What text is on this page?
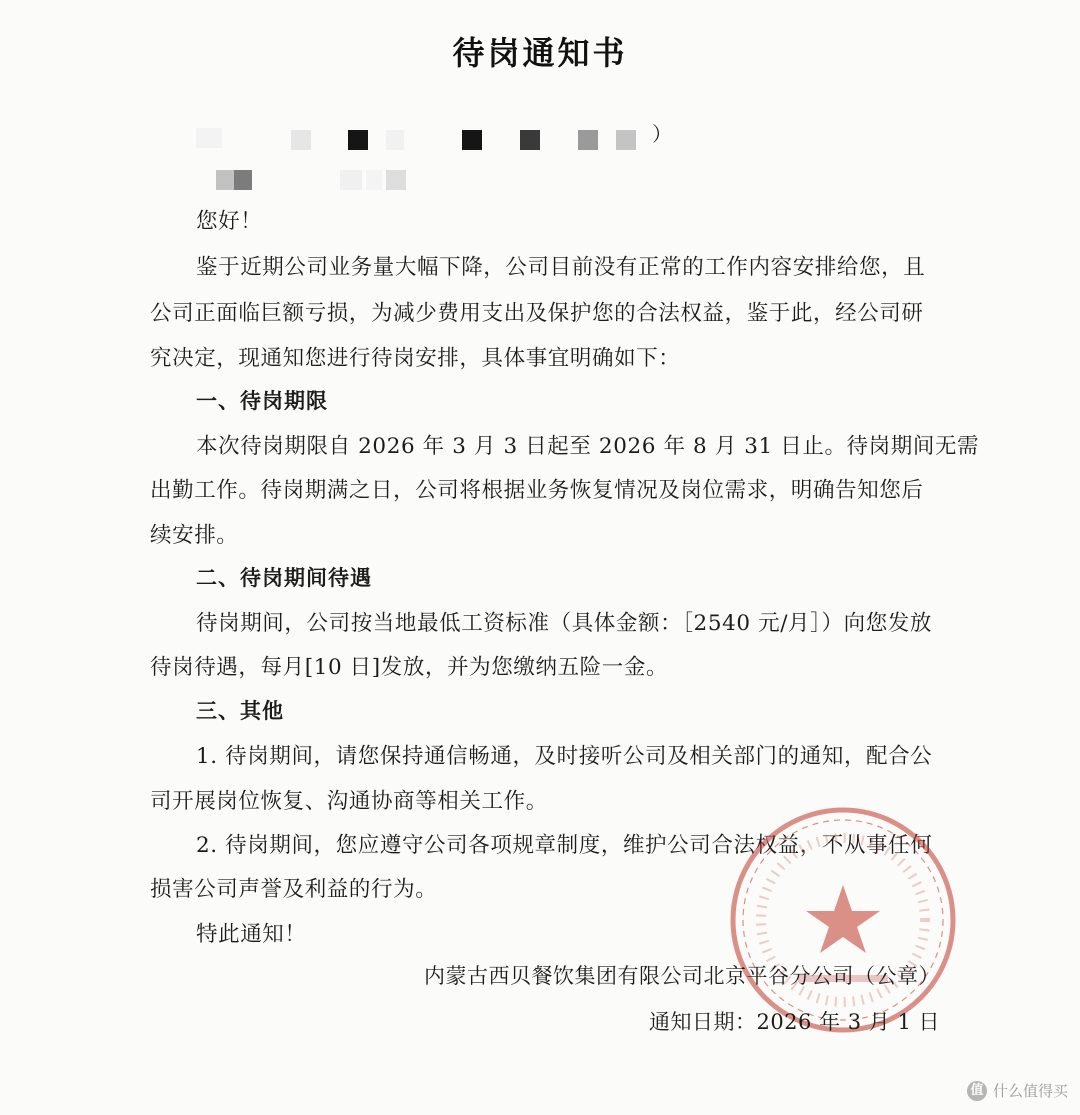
待岗通知书
）
您好！
鉴于近期公司业务量大幅下降，公司目前没有正常的工作内容安排给您，且
公司正面临巨额亏损，为减少费用支出及保护您的合法权益，鉴于此，经公司研
究决定，现通知您进行待岗安排，具体事宜明确如下：
一、待岗期限
本次待岗期限自 2026 年 3 月 3 日起至 2026 年 8 月 31 日止。待岗期间无需
出勤工作。待岗期满之日，公司将根据业务恢复情况及岗位需求，明确告知您后
续安排。
二、待岗期间待遇
待岗期间，公司按当地最低工资标准（具体金额：［2540 元/月］）向您发放
待岗待遇，每月[10 日]发放，并为您缴纳五险一金。
三、其他
1. 待岗期间，请您保持通信畅通，及时接听公司及相关部门的通知，配合公
司开展岗位恢复、沟通协商等相关工作。
2. 待岗期间，您应遵守公司各项规章制度，维护公司合法权益，不从事任何
损害公司声誉及利益的行为。
特此通知！
内蒙古西贝餐饮集团有限公司北京平谷分公司（公章）
通知日期：2026 年 3 月 1 日
值 什么值得买
